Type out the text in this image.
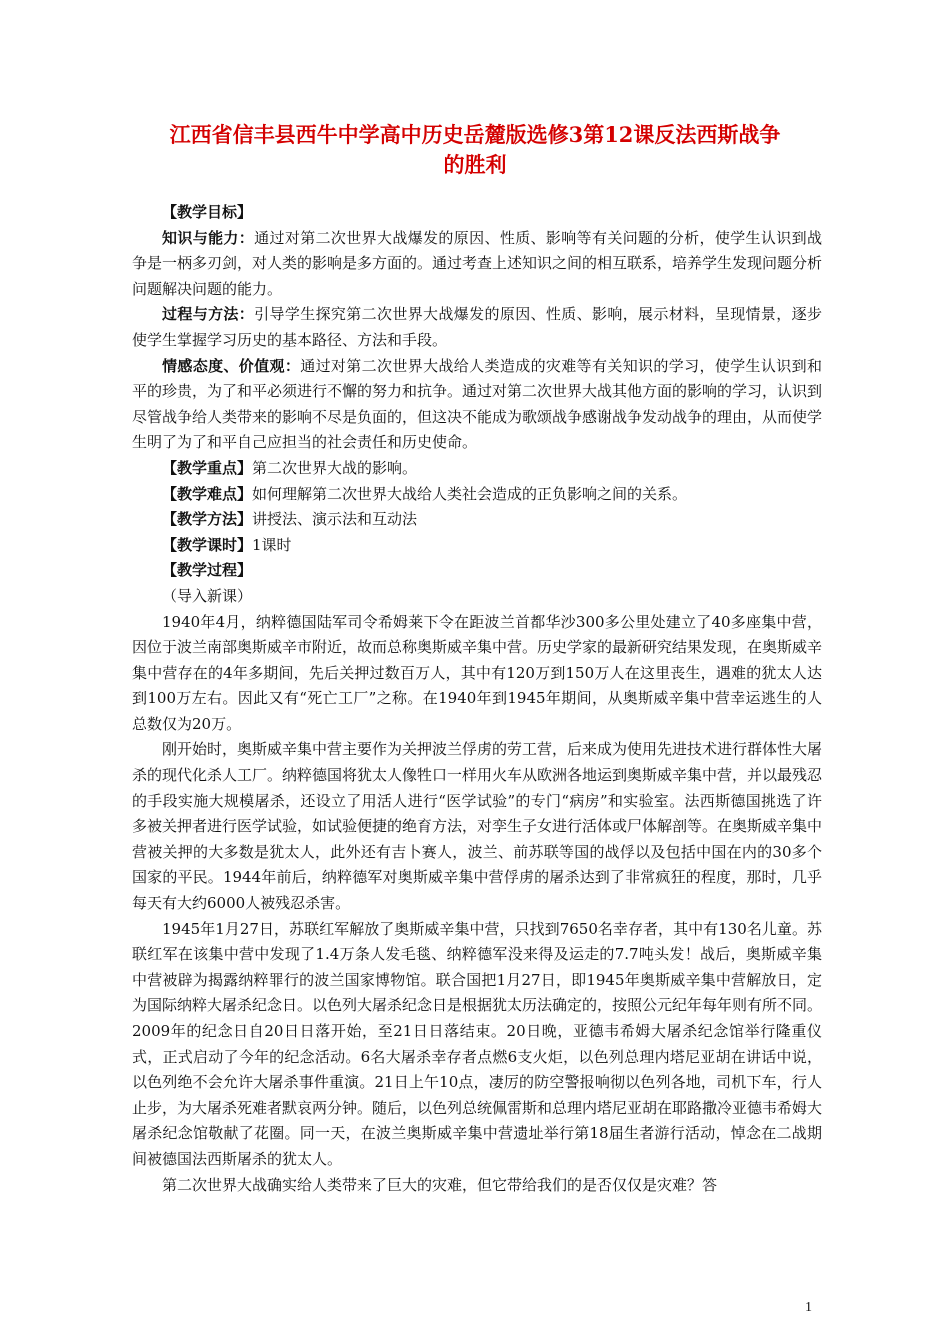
江西省信丰县西牛中学高中历史岳麓版选修3第12课反法西斯战争
的胜利

【教学目标】

知识与能力：通过对第二次世界大战爆发的原因、性质、影响等有关问题的分析，使学生认识到战争是一柄多刃剑，对人类的影响是多方面的。通过考查上述知识之间的相互联系，培养学生发现问题分析问题解决问题的能力。

过程与方法：引导学生探究第二次世界大战爆发的原因、性质、影响，展示材料，呈现情景，逐步使学生掌握学习历史的基本路径、方法和手段。

情感态度、价值观：通过对第二次世界大战给人类造成的灾难等有关知识的学习，使学生认识到和平的珍贵，为了和平必须进行不懈的努力和抗争。通过对第二次世界大战其他方面的影响的学习，认识到尽管战争给人类带来的影响不尽是负面的，但这决不能成为歌颂战争感谢战争发动战争的理由，从而使学生明了为了和平自己应担当的社会责任和历史使命。

【教学重点】第二次世界大战的影响。

【教学难点】如何理解第二次世界大战给人类社会造成的正负影响之间的关系。

【教学方法】讲授法、演示法和互动法

【教学课时】1课时

【教学过程】

（导入新课）

1940年4月，纳粹德国陆军司令希姆莱下令在距波兰首都华沙300多公里处建立了40多座集中营，因位于波兰南部奥斯威辛市附近，故而总称奥斯威辛集中营。历史学家的最新研究结果发现，在奥斯威辛集中营存在的4年多期间，先后关押过数百万人，其中有120万到150万人在这里丧生，遇难的犹太人达到100万左右。因此又有“死亡工厂”之称。在1940年到1945年期间，从奥斯威辛集中营幸运逃生的人总数仅为20万。

刚开始时，奥斯威辛集中营主要作为关押波兰俘虏的劳工营，后来成为使用先进技术进行群体性大屠杀的现代化杀人工厂。纳粹德国将犹太人像牲口一样用火车从欧洲各地运到奥斯威辛集中营，并以最残忍的手段实施大规模屠杀，还设立了用活人进行“医学试验”的专门“病房”和实验室。法西斯德国挑选了许多被关押者进行医学试验，如试验便捷的绝育方法，对孪生子女进行活体或尸体解剖等。在奥斯威辛集中营被关押的大多数是犹太人，此外还有吉卜赛人，波兰、前苏联等国的战俘以及包括中国在内的30多个国家的平民。1944年前后，纳粹德军对奥斯威辛集中营俘虏的屠杀达到了非常疯狂的程度，那时，几乎每天有大约6000人被残忍杀害。

1945年1月27日，苏联红军解放了奥斯威辛集中营，只找到7650名幸存者，其中有130名儿童。苏联红军在该集中营中发现了1.4万条人发毛毯、纳粹德军没来得及运走的7.7吨头发！战后，奥斯威辛集中营被辟为揭露纳粹罪行的波兰国家博物馆。联合国把1月27日，即1945年奥斯威辛集中营解放日，定为国际纳粹大屠杀纪念日。以色列大屠杀纪念日是根据犹太历法确定的，按照公元纪年每年则有所不同。2009年的纪念日自20日日落开始，至21日日落结束。20日晚，亚德韦希姆大屠杀纪念馆举行隆重仪式，正式启动了今年的纪念活动。6名大屠杀幸存者点燃6支火炬，以色列总理内塔尼亚胡在讲话中说，以色列绝不会允许大屠杀事件重演。21日上午10点，凄厉的防空警报响彻以色列各地，司机下车，行人止步，为大屠杀死难者默哀两分钟。随后，以色列总统佩雷斯和总理内塔尼亚胡在耶路撒冷亚德韦希姆大屠杀纪念馆敬献了花圈。同一天，在波兰奥斯威辛集中营遗址举行第18届生者游行活动，悼念在二战期间被德国法西斯屠杀的犹太人。

第二次世界大战确实给人类带来了巨大的灾难，但它带给我们的是否仅仅是灾难？答

1
